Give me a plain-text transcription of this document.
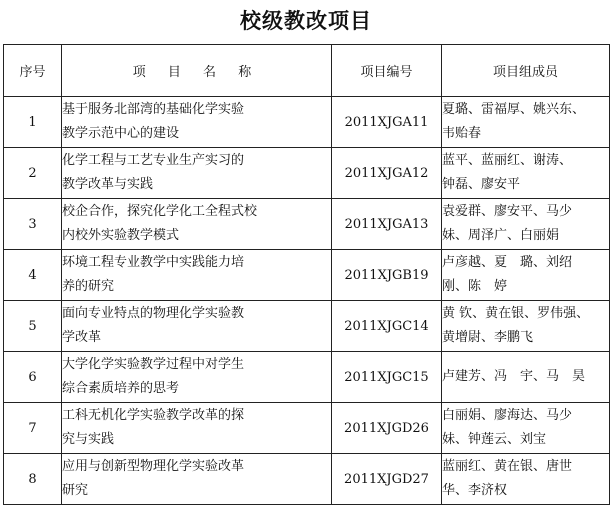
校级教改项目
序号	项 目 名 称	项目编号	项目组成员
1	基于服务北部湾的基础化学实验
教学示范中心的建设	2011XJGA11	夏璐、雷福厚、姚兴东、
韦贻春

2	化学工程与工艺专业生产实习的
教学改革与实践	2011XJGA12	蓝平、蓝丽红、谢涛、
钟磊、廖安平

3	校企合作，探究化学化工全程式校
内校外实验教学模式	2011XJGA13	袁爱群、廖安平、马少
妹、周泽广、白丽娟

4	环境工程专业教学中实践能力培
养的研究	2011XJGB19	卢彦越、夏　璐、刘绍
刚、陈　婷

5	面向专业特点的物理化学实验教
学改革	2011XJGC14	黄 钦、黄在银、罗伟强、
黄增尉、李鹏飞

6	大学化学实验教学过程中对学生
综合素质培养的思考	2011XJGC15	卢建芳、冯　宇、马　昊

7	工科无机化学实验教学改革的探
究与实践	2011XJGD26	白丽娟、廖海达、马少
妹、钟莲云、刘宝

8	应用与创新型物理化学实验改革
研究	2011XJGD27	蓝丽红、黄在银、唐世
华、李济权
